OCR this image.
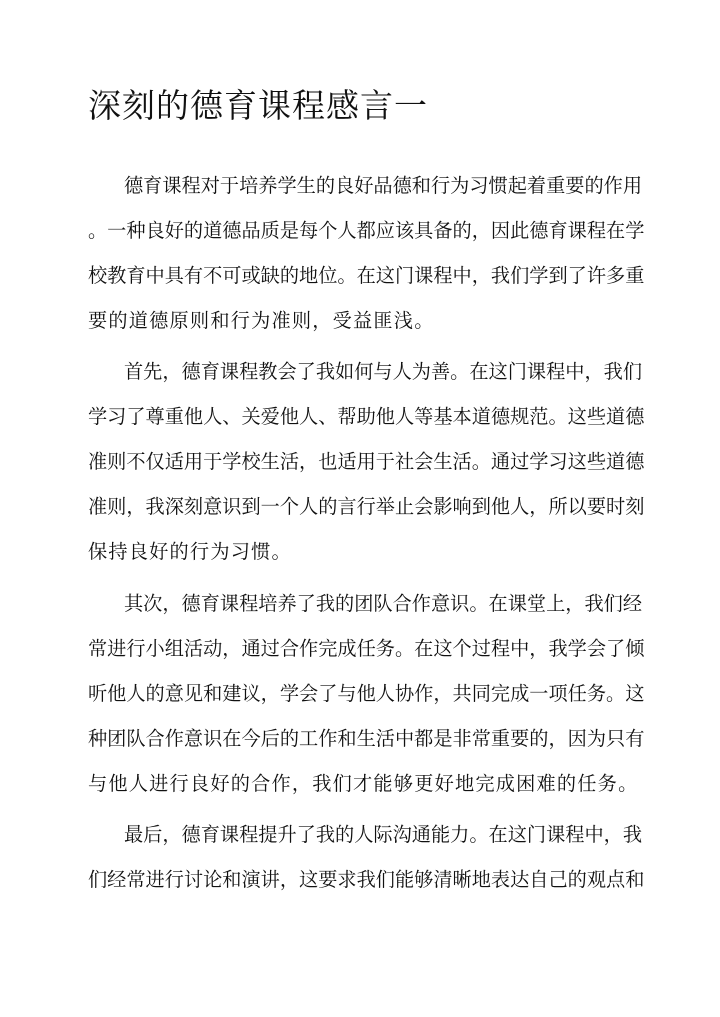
深刻的德育课程感言一
德育课程对于培养学生的良好品德和行为习惯起着重要的作用
。一种良好的道德品质是每个人都应该具备的，因此德育课程在学
校教育中具有不可或缺的地位。在这门课程中，我们学到了许多重
要的道德原则和行为准则，受益匪浅。
首先，德育课程教会了我如何与人为善。在这门课程中，我们
学习了尊重他人、关爱他人、帮助他人等基本道德规范。这些道德
准则不仅适用于学校生活，也适用于社会生活。通过学习这些道德
准则，我深刻意识到一个人的言行举止会影响到他人，所以要时刻
保持良好的行为习惯。
其次，德育课程培养了我的团队合作意识。在课堂上，我们经
常进行小组活动，通过合作完成任务。在这个过程中，我学会了倾
听他人的意见和建议，学会了与他人协作，共同完成一项任务。这
种团队合作意识在今后的工作和生活中都是非常重要的，因为只有
与他人进行良好的合作，我们才能够更好地完成困难的任务。
最后，德育课程提升了我的人际沟通能力。在这门课程中，我
们经常进行讨论和演讲，这要求我们能够清晰地表达自己的观点和
